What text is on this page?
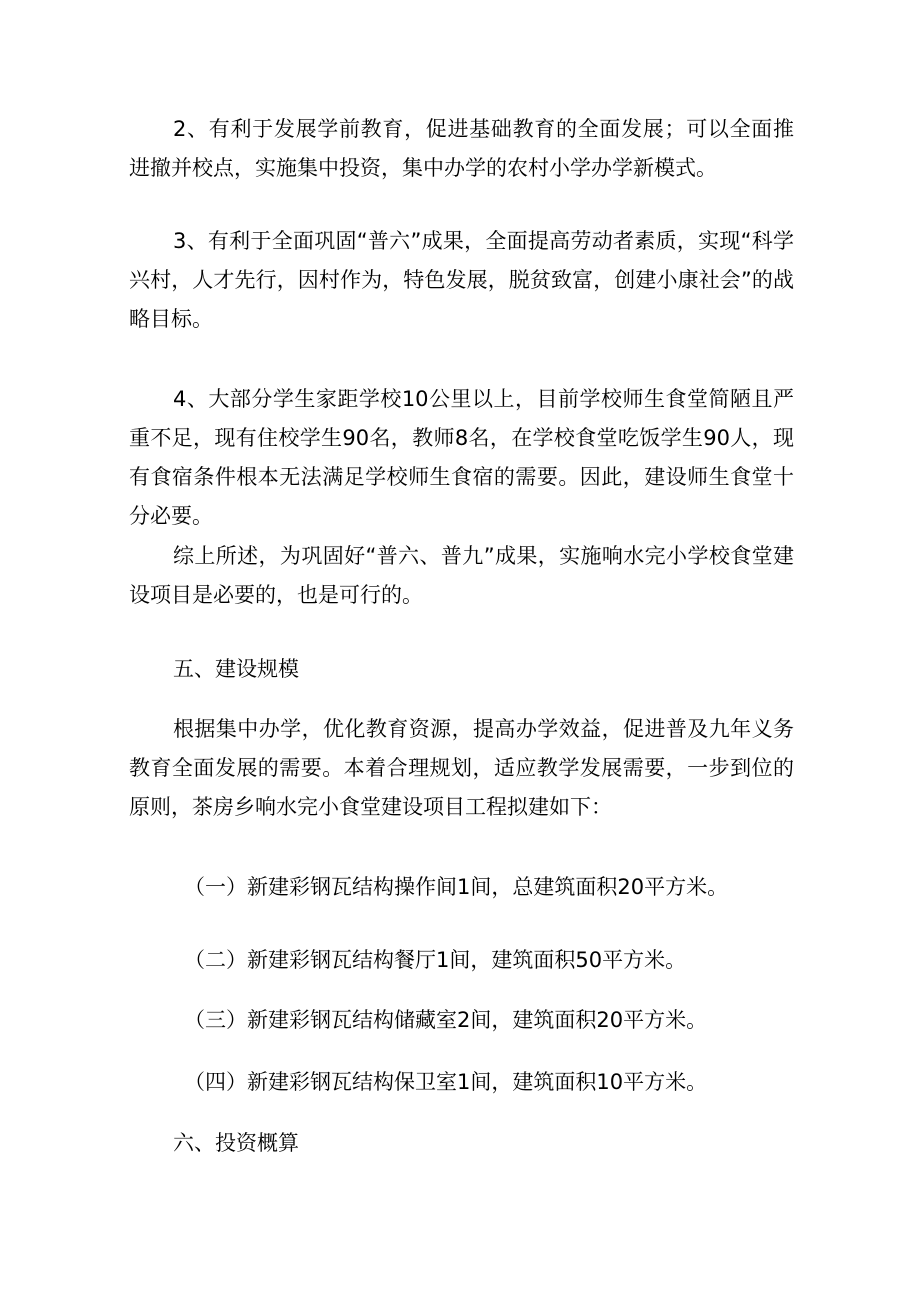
2、有利于发展学前教育，促进基础教育的全面发展；可以全面推进撤并校点，实施集中投资，集中办学的农村小学办学新模式。

3、有利于全面巩固“普六”成果，全面提高劳动者素质，实现“科学兴村，人才先行，因村作为，特色发展，脱贫致富，创建小康社会”的战略目标。

4、大部分学生家距学校10公里以上，目前学校师生食堂简陋且严重不足，现有住校学生90名，教师8名，在学校食堂吃饭学生90人，现有食宿条件根本无法满足学校师生食宿的需要。因此，建设师生食堂十分必要。

综上所述，为巩固好“普六、普九”成果，实施响水完小学校食堂建设项目是必要的，也是可行的。

五、建设规模

根据集中办学，优化教育资源，提高办学效益，促进普及九年义务教育全面发展的需要。本着合理规划，适应教学发展需要，一步到位的原则，茶房乡响水完小食堂建设项目工程拟建如下：

（一）新建彩钢瓦结构操作间1间，总建筑面积20平方米。

（二）新建彩钢瓦结构餐厅1间，建筑面积50平方米。

（三）新建彩钢瓦结构储藏室2间，建筑面积20平方米。

（四）新建彩钢瓦结构保卫室1间，建筑面积10平方米。

六、投资概算
